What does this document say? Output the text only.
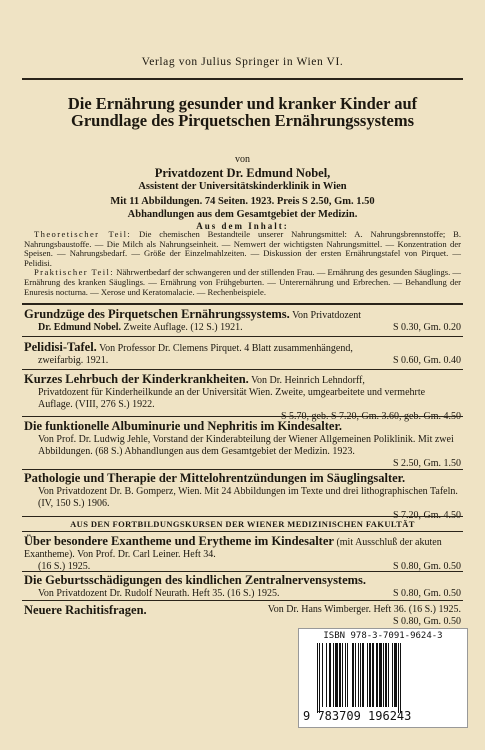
Verlag von Julius Springer in Wien VI.
Die Ernährung gesunder und kranker Kinder auf Grundlage des Pirquetschen Ernährungssystems
von
Privatdozent Dr. Edmund Nobel,
Assistent der Universitätskinderklinik in Wien
Mit 11 Abbildungen. 74 Seiten. 1923. Preis S 2.50, Gm. 1.50
Abhandlungen aus dem Gesamtgebiet der Medizin.
Aus dem Inhalt:
Theoretischer Teil: Die chemischen Bestandteile unserer Nahrungsmittel: A. Nahrungsbrennstoffe; B. Nahrungsbaustoffe. — Die Milch als Nahrungseinheit. — Nemwert der wichtigsten Nahrungsmittel. — Konzentration der Speisen. — Nahrungsbedarf. — Größe der Einzelmahlzeiten. — Diskussion der ersten Ernährungstafel von Pirquet. — Pelidisi.
Praktischer Teil: Nährwertbedarf der schwangeren und der stillenden Frau. — Ernährung des gesunden Säuglings. — Ernährung des kranken Säuglings. — Ernährung von Frühgeburten. — Unterernährung und Erbrechen. — Behandlung der Enuresis nocturna. — Xerose und Keratomalacie. — Rechenbeispiele.
Grundzüge des Pirquetschen Ernährungssystems. Von Privatdozent
Dr. Edmund Nobel. Zweite Auflage. (12 S.) 1921.	S 0.30, Gm. 0.20
Pelidisi-Tafel. Von Professor Dr. Clemens Pirquet. 4 Blatt zusammenhängend,
zweifarbig. 1921.	S 0.60, Gm. 0.40
Kurzes Lehrbuch der Kinderkrankheiten. Von Dr. Heinrich Lehndorff,
Privatdozent für Kinderheilkunde an der Universität Wien. Zweite, umgearbeitete und vermehrte Auflage. (VIII, 276 S.) 1922.
S 5.70, geb. S 7.20, Gm. 3.60, geb. Gm. 4.50
Die funktionelle Albuminurie und Nephritis im Kindesalter.
Von Prof. Dr. Ludwig Jehle, Vorstand der Kinderabteilung der Wiener Allgemeinen Poliklinik. Mit zwei Abbildungen. (68 S.) Abhandlungen aus dem Gesamtgebiet der Medizin. 1923.
S 2.50, Gm. 1.50
Pathologie und Therapie der Mittelohrentzündungen im Säuglingsalter.
Von Privatdozent Dr. B. Gomperz, Wien. Mit 24 Abbildungen im Texte und drei lithographischen Tafeln. (IV, 150 S.) 1906.
S 7.20, Gm. 4.50
AUS DEN FORTBILDUNGSKURSEN DER WIENER MEDIZINISCHEN FAKULTÄT
Über besondere Exantheme und Erytheme im Kindesalter (mit Ausschluß der akuten Exantheme). Von Prof. Dr. Carl Leiner. Heft 34.
(16 S.) 1925.	S 0.80, Gm. 0.50
Die Geburtsschädigungen des kindlichen Zentralnervensystems.
Von Privatdozent Dr. Rudolf Neurath. Heft 35. (16 S.) 1925.	S 0.80, Gm. 0.50
Neuere Rachitisfragen.	Von Dr. Hans Wimberger. Heft 36. (16 S.) 1925.
S 0.80, Gm. 0.50
ISBN 978-3-7091-9624-3
9 783709 196243
